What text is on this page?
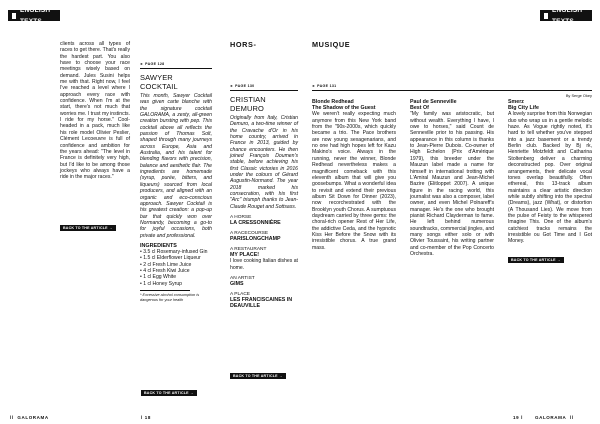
ENGLISH TEXTS
ENGLISH TEXTS
clients across all types of races to get there. That's really the hardest part. You also have to choose your race meetings wisely based on demand. Jules Susini helps me with that. Right now, I feel I've reached a level where I approach every race with confidence. When I'm at the start, there's not much that worries me. I trust my instincts. I ride for my horse." Cool-headed in a pack, much like his role model Olivier Peslier, Clément Lecoeuvre is full of confidence and ambition for the years ahead: "The level in France is definitely very high, but I'd like to be among those jockeys who always have a ride in the major races."
BACK TO THE ARTICLE →
► PAGE 128
SAWYER COCKTAIL
This month, Sawyer Cocktail was given carte blanche with the signature cocktail GALORAMA, a zesty, all-green creation bursting with pep. This cocktail above all reflects the passion of Thomas Solt, shaped through many journeys across Europe, Asia and Australia, and his talent for blending flavors with precision, balance and aesthetic flair. The ingredients are homemade (syrup, purée, bitters, and liqueurs) sourced from local producers, and aligned with an organic and eco-conscious approach. Sawyer Cocktail is his greatest creation: a pop-up bar that quickly won over Normandy, becoming a go-to for joyful occasions, both private and professional.
INGREDIENTS
• 3.5 cl Rosemary-infused Gin
• 1.5 cl Elderflower Liqueur
• 2 cl Fresh Lime Juice
• 4 cl Fresh Kiwi Juice
• 1 cl Egg White
• 1 cl Honey Syrup
* Excessive alcohol consumption is dangerous for your health
BACK TO THE ARTICLE →
HORS-
► PAGE 130
CRISTIAN DEMURO
Originally from Italy, Cristian Demuro, a two-time winner of the Cravache d'Or in his home country, arrived in France in 2013, guided by chance encounters. He then joined François Doumen's stable, before achieving his first Classic victories in 2016 under the colours of Gérard Augustin-Normand. The year 2018 marked his consecration, with his first "Arc" triumph thanks to Jean-Claude Rouget and Sottsass.
A HORSE
LA CRESSONNIÈRE
A RACECOURSE
PARISLONGCHAMP
A RESTAURANT
MY PLACE!
I love cooking Italian dishes at home.
AN ARTIST
GIMS
A PLACE
LES FRANCISCAINES IN DEAUVILLE
BACK TO THE ARTICLE →
MUSIQUE
► PAGE 131
By Serge Okey
Blonde Redhead
The Shadow of the Guest
We weren't really expecting much anymore from this New York band from the "90s-2000s, which quickly became a trio. The Pace brothers are now young sexagenarians, and no one had high hopes left for Kazu Makino's voice. Always in the running, never the winner, Blonde Redhead nevertheless makes a magnificent comeback with this eleventh album that will give you goosebumps. What a wonderful idea to revisit and extend their previous album Sit Down for Dinner (2023), now recorchestrated with the Brooklyn youth Chorus. A sumptuous daydream carried by three gems: the choral-rich opener Rest of Her Life, the addictive Ceda, and the hypnotic Kiss Her Before the Snow with its irresistible chorus. A true grand mass.
Paul de Senneville
Best Of
"My family was aristocratic, but without wealth. Everything I have, I owe to horses," said Count de Senneville prior to his passing. His appearance in this column is thanks to Jean-Pierre Dubois. Co-owner of High Echelon (Prix d'Amérique 1979), this breeder under the Mauzun label made a name for himself in international trotting with L'Amiral Mauzun and Jean-Michel Bazire (Elitloppet 2007). A unique figure in the racing world, this journalist was also a composer, label owner, and even Michel Polnareff's manager. He's the one who brought pianist Richard Clayderman to fame. He left behind numerous soundtracks, commercial jingles, and many songs either solo or with Olivier Toussaint, his writing partner and co-member of the Pop Concerto Orchestra.
Smerz
Big City Life
A lovely surprise from this Norwegian duo who wrap us in a gentle melodic haze. As Vogue rightly noted, it's hard to tell whether you've stepped into a jazz basement or a trendy Berlin club. Backed by Bj rk, Henriette Motzfeldt and Catharina Stoltenberg deliver a charming deconstructed pop. Over original arrangements, their delicate vocal tones overlap beautifully. Often ethereal, this 13-track album maintains a clear artistic direction while subtly shifting into the spectral (Dreams), jazz (What), or distortion (A Thousand Lies). We move from the pulse of Feisty to the whispered Imagine This. One of the album's catchiest tracks remains the irresistible ou Got Time and I Got Money.
BACK TO THE ARTICLE →
ll GALORAMA	l 18	19 l	GALORAMA ll
